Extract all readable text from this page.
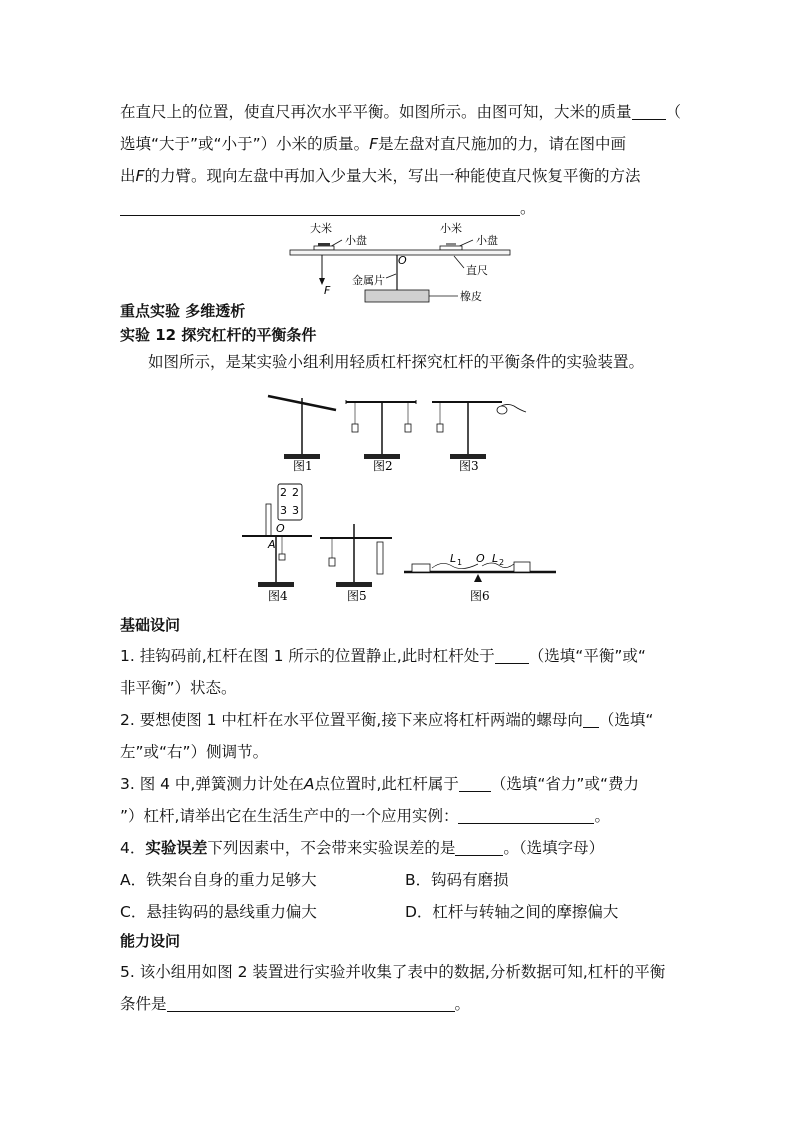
在直尺上的位置，使直尺再次水平平衡。如图所示。由图可知，大米的质量 （
选填“大于”或“小于”）小米的质量。F是左盘对直尺施加的力，请在图中画
出F的力臂。现向左盘中再加入少量大米，写出一种能使直尺恢复平衡的方法
。
大米
小盘
小米
小盘
O
F
金属片
橡皮
直尺
重点实验 多维透析
实验 12 探究杠杆的平衡条件
如图所示，是某实验小组利用轻质杠杆探究杠杆的平衡条件的实验装置。
图1	图2	图3
2 2
3 3
O
A
图4	图5
L 1 O L 2
图6
基础设问
1. 挂钩码前,杠杆在图 1 所示的位置静止,此时杠杆处于 （选填“平衡”或“
非平衡”）状态。
2. 要想使图 1 中杠杆在水平位置平衡,接下来应将杠杆两端的螺母向 （选填“
左”或“右”）侧调节。
3. 图 4 中,弹簧测力计处在A点位置时,此杠杆属于 （选填“省力”或“费力
”）杠杆,请举出它在生活生产中的一个应用实例：	。
4．实验误差下列因素中，不会带来实验误差的是	。（选填字母）
A．铁架台自身的重力足够大	B．钩码有磨损
C．悬挂钩码的悬线重力偏大	D．杠杆与转轴之间的摩擦偏大
能力设问
5. 该小组用如图 2 装置进行实验并收集了表中的数据,分析数据可知,杠杆的平衡
条件是	。
